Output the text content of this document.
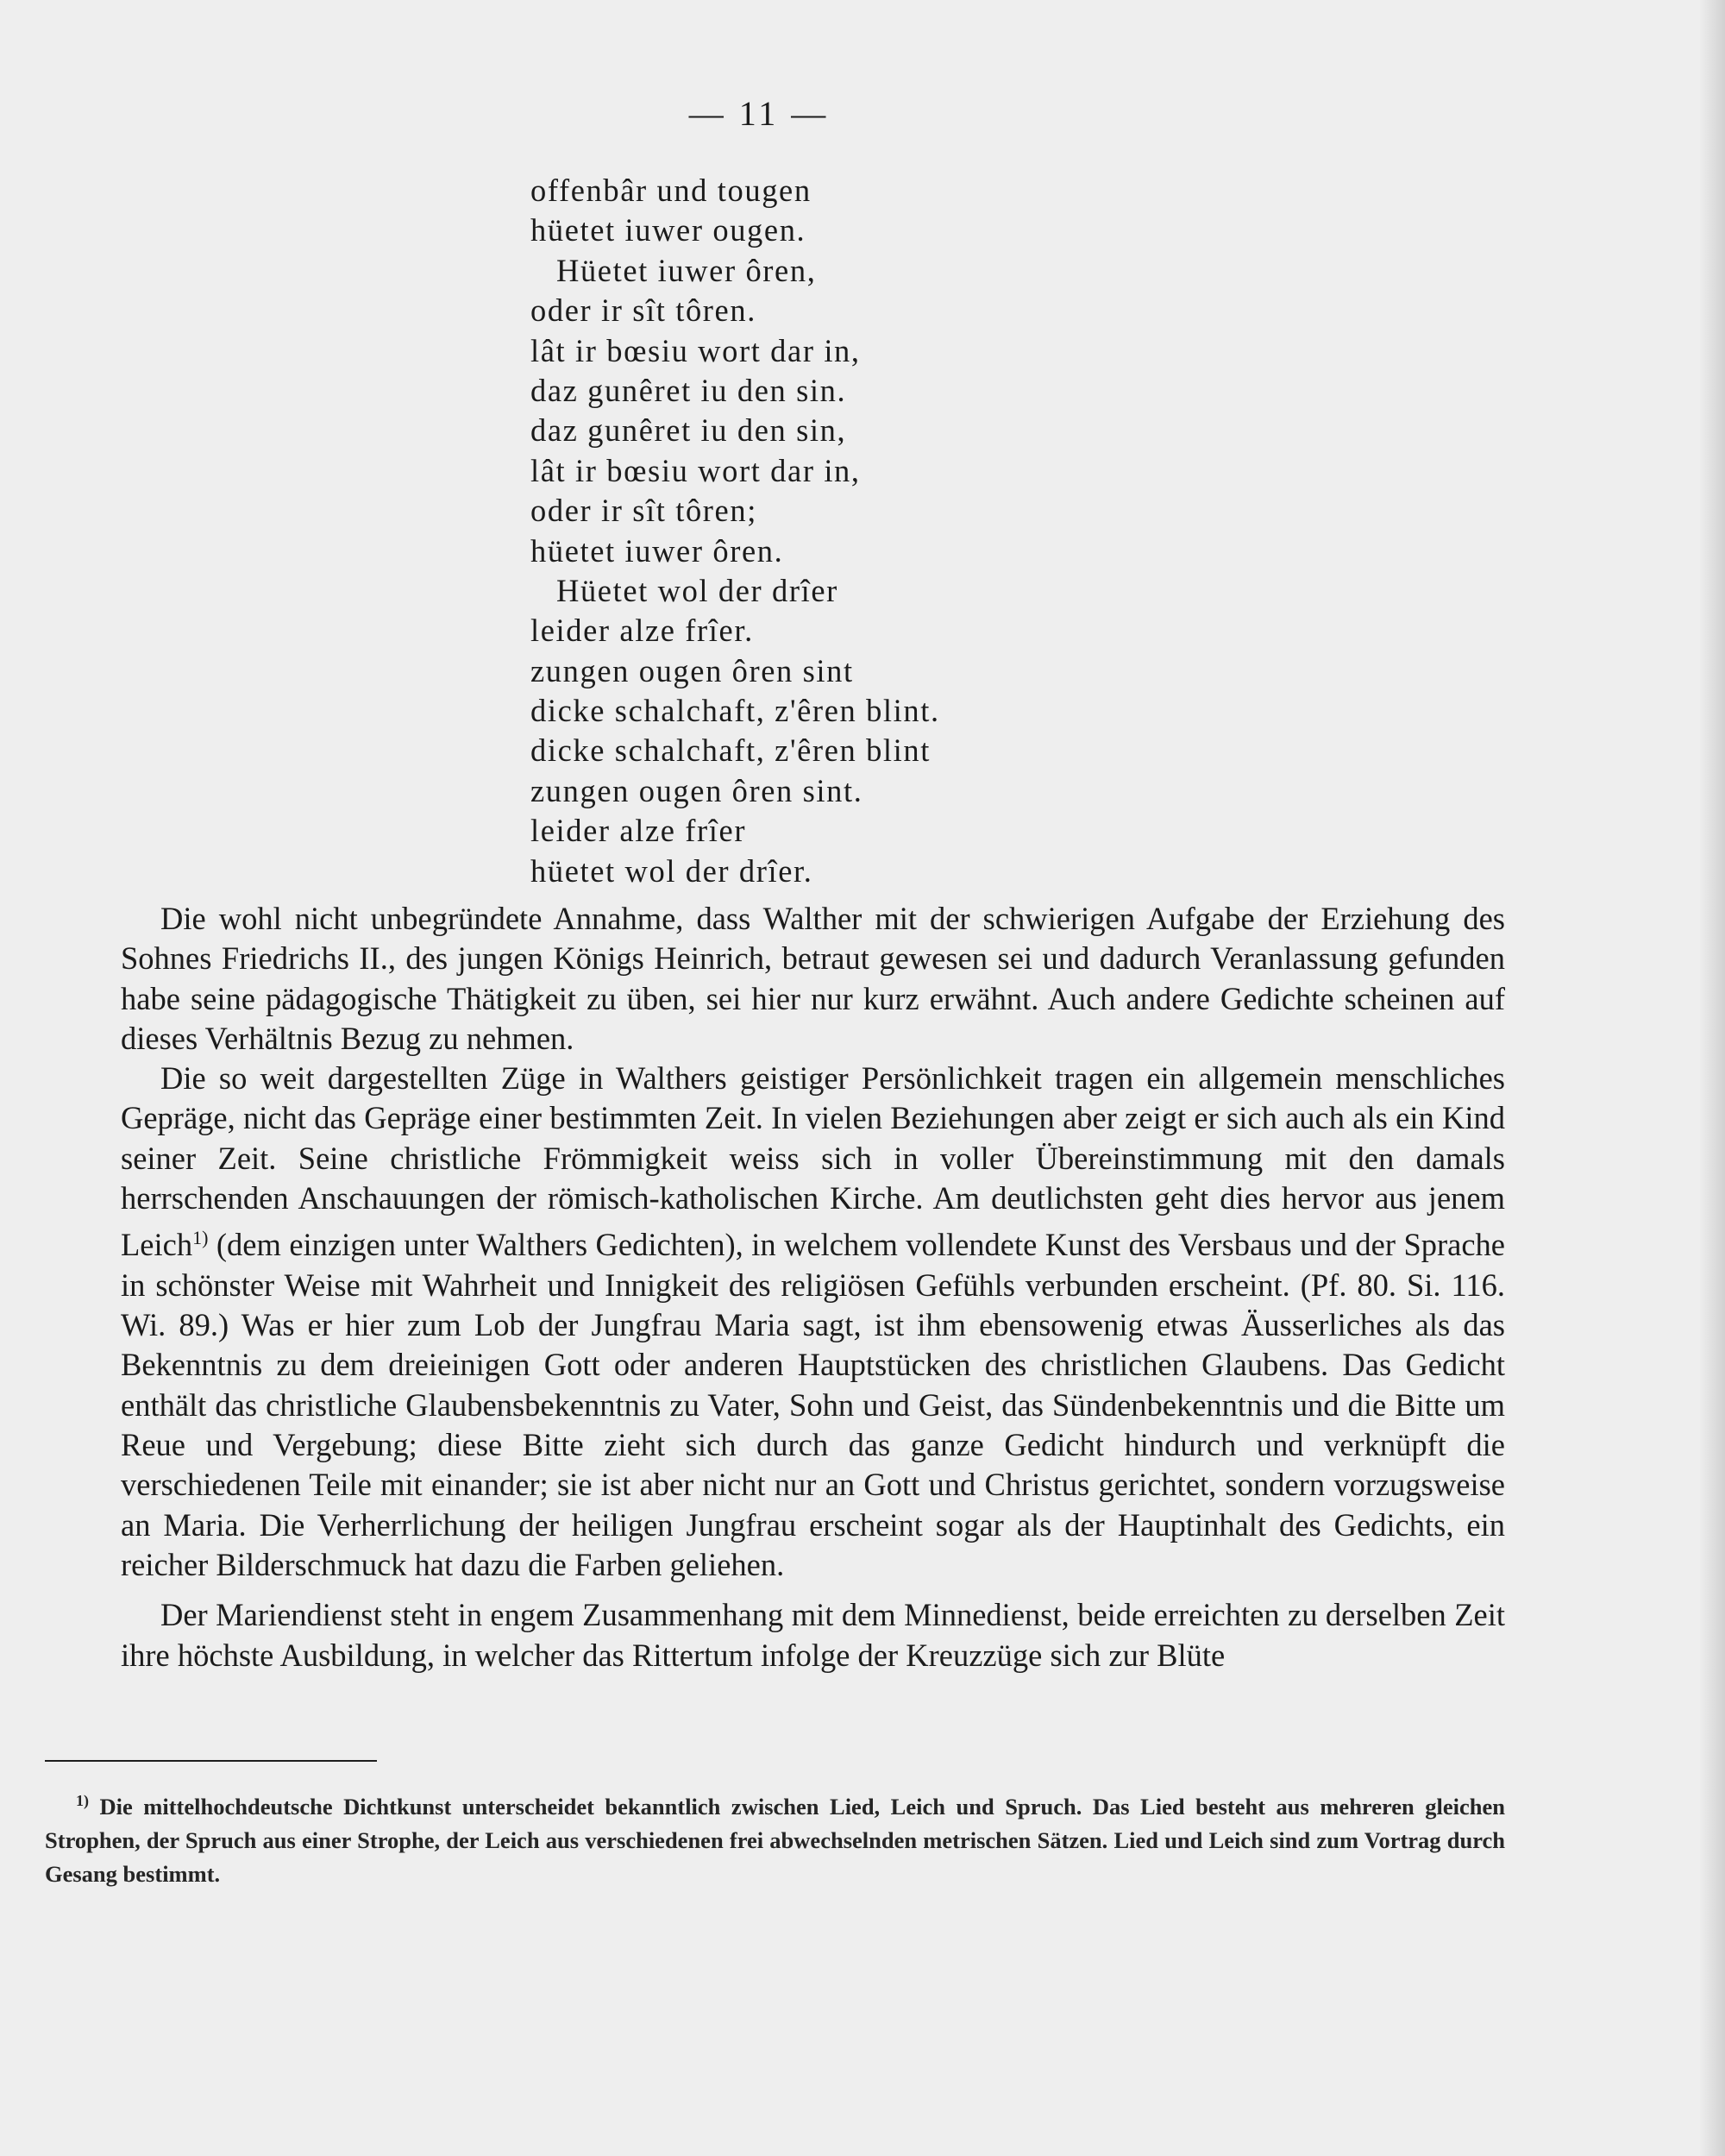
— 11 —
offenbâr und tougen
hüetet iuwer ougen.
Hüetet iuwer ôren,
oder ir sît tôren.
lât ir bœsiu wort dar in,
daz gunêret iu den sin.
daz gunêret iu den sin,
lât ir bœsiu wort dar in,
oder ir sît tôren;
hüetet iuwer ôren.
Hüetet wol der drîer
leider alze frîer.
zungen ougen ôren sint
dicke schalchaft, z'êren blint.
dicke schalchaft, z'êren blint
zungen ougen ôren sint.
leider alze frîer
hüetet wol der drîer.

Die wohl nicht unbegründete Annahme, dass Walther mit der schwierigen Aufgabe der Erziehung des Sohnes Friedrichs II., des jungen Königs Heinrich, betraut gewesen sei und dadurch Veranlassung gefunden habe seine pädagogische Thätigkeit zu üben, sei hier nur kurz erwähnt. Auch andere Gedichte scheinen auf dieses Verhältnis Bezug zu nehmen.

Die so weit dargestellten Züge in Walthers geistiger Persönlichkeit tragen ein allgemein menschliches Gepräge, nicht das Gepräge einer bestimmten Zeit. In vielen Beziehungen aber zeigt er sich auch als ein Kind seiner Zeit. Seine christliche Frömmigkeit weiss sich in voller Übereinstimmung mit den damals herrschenden Anschauungen der römisch-katholischen Kirche. Am deutlichsten geht dies hervor aus jenem Leich$^{1)}$ (dem einzigen unter Walthers Gedichten), in welchem vollendete Kunst des Versbaus und der Sprache in schönster Weise mit Wahrheit und Innigkeit des religiösen Gefühls verbunden erscheint. (Pf. 80. Si. 116. Wi. 89.) Was er hier zum Lob der Jungfrau Maria sagt, ist ihm ebensowenig etwas Äusserliches als das Bekenntnis zu dem dreieinigen Gott oder anderen Hauptstücken des christlichen Glaubens. Das Gedicht enthält das christliche Glaubensbekenntnis zu Vater, Sohn und Geist, das Sündenbekenntnis und die Bitte um Reue und Vergebung; diese Bitte zieht sich durch das ganze Gedicht hindurch und verknüpft die verschiedenen Teile mit einander; sie ist aber nicht nur an Gott und Christus gerichtet, sondern vorzugsweise an Maria. Die Verherrlichung der heiligen Jungfrau erscheint sogar als der Hauptinhalt des Gedichts, ein reicher Bilderschmuck hat dazu die Farben geliehen.

Der Mariendienst steht in engem Zusammenhang mit dem Minnedienst, beide erreichten zu derselben Zeit ihre höchste Ausbildung, in welcher das Rittertum infolge der Kreuzzüge sich zur Blüte

$^{1)}$ Die mittelhochdeutsche Dichtkunst unterscheidet bekanntlich zwischen Lied, Leich und Spruch. Das Lied besteht aus mehreren gleichen Strophen, der Spruch aus einer Strophe, der Leich aus verschiedenen frei abwechselnden metrischen Sätzen. Lied und Leich sind zum Vortrag durch Gesang bestimmt.
